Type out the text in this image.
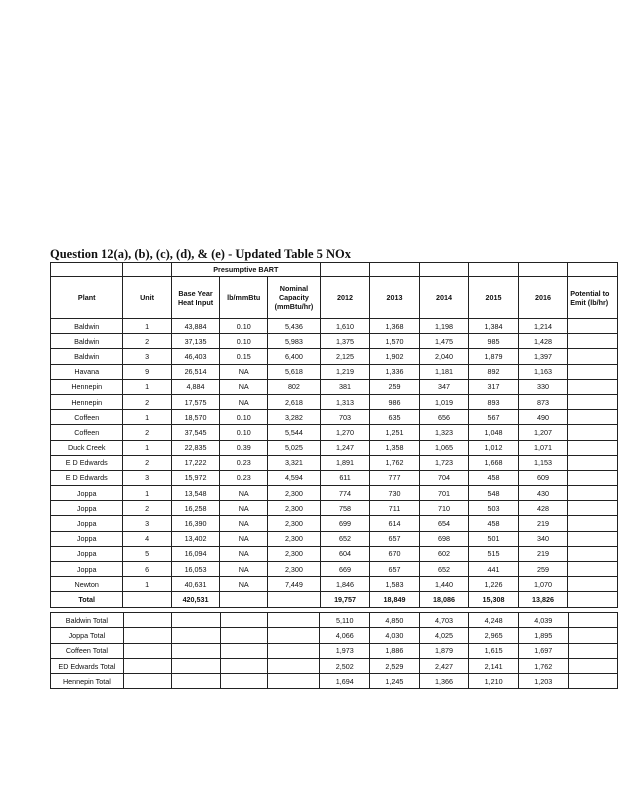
Question 12(a), (b), (c), (d), & (e) - Updated Table 5 NOx
		Presumptive BART								
Plant	Unit	Base Year Heat Input	lb/mmBtu	Nominal Capacity (mmBtu/hr)	2012	2013	2014	2015	2016	Potential to Emit (lb/hr)
Baldwin	1	43,884	0.10	5,436	1,610	1,368	1,198	1,384	1,214	
Baldwin	2	37,135	0.10	5,983	1,375	1,570	1,475	985	1,428	
Baldwin	3	46,403	0.15	6,400	2,125	1,902	2,040	1,879	1,397	
Havana	9	26,514	NA	5,618	1,219	1,336	1,181	892	1,163	
Hennepin	1	4,884	NA	802	381	259	347	317	330	
Hennepin	2	17,575	NA	2,618	1,313	986	1,019	893	873	
Coffeen	1	18,570	0.10	3,282	703	635	656	567	490	
Coffeen	2	37,545	0.10	5,544	1,270	1,251	1,323	1,048	1,207	
Duck Creek	1	22,835	0.39	5,025	1,247	1,358	1,065	1,012	1,071	
E D Edwards	2	17,222	0.23	3,321	1,891	1,762	1,723	1,668	1,153	
E D Edwards	3	15,972	0.23	4,594	611	777	704	458	609	
Joppa	1	13,548	NA	2,300	774	730	701	548	430	
Joppa	2	16,258	NA	2,300	758	711	710	503	428	
Joppa	3	16,390	NA	2,300	699	614	654	458	219	
Joppa	4	13,402	NA	2,300	652	657	698	501	340	
Joppa	5	16,094	NA	2,300	604	670	602	515	219	
Joppa	6	16,053	NA	2,300	669	657	652	441	259	
Newton	1	40,631	NA	7,449	1,846	1,583	1,440	1,226	1,070	
Total		420,531			19,757	18,849	18,086	15,308	13,826	
Baldwin Total					5,110	4,850	4,703	4,248	4,039	
Joppa Total					4,066	4,030	4,025	2,965	1,895	
Coffeen Total					1,973	1,886	1,879	1,615	1,697	
ED Edwards Total					2,502	2,529	2,427	2,141	1,762	
Hennepin Total					1,694	1,245	1,366	1,210	1,203	
